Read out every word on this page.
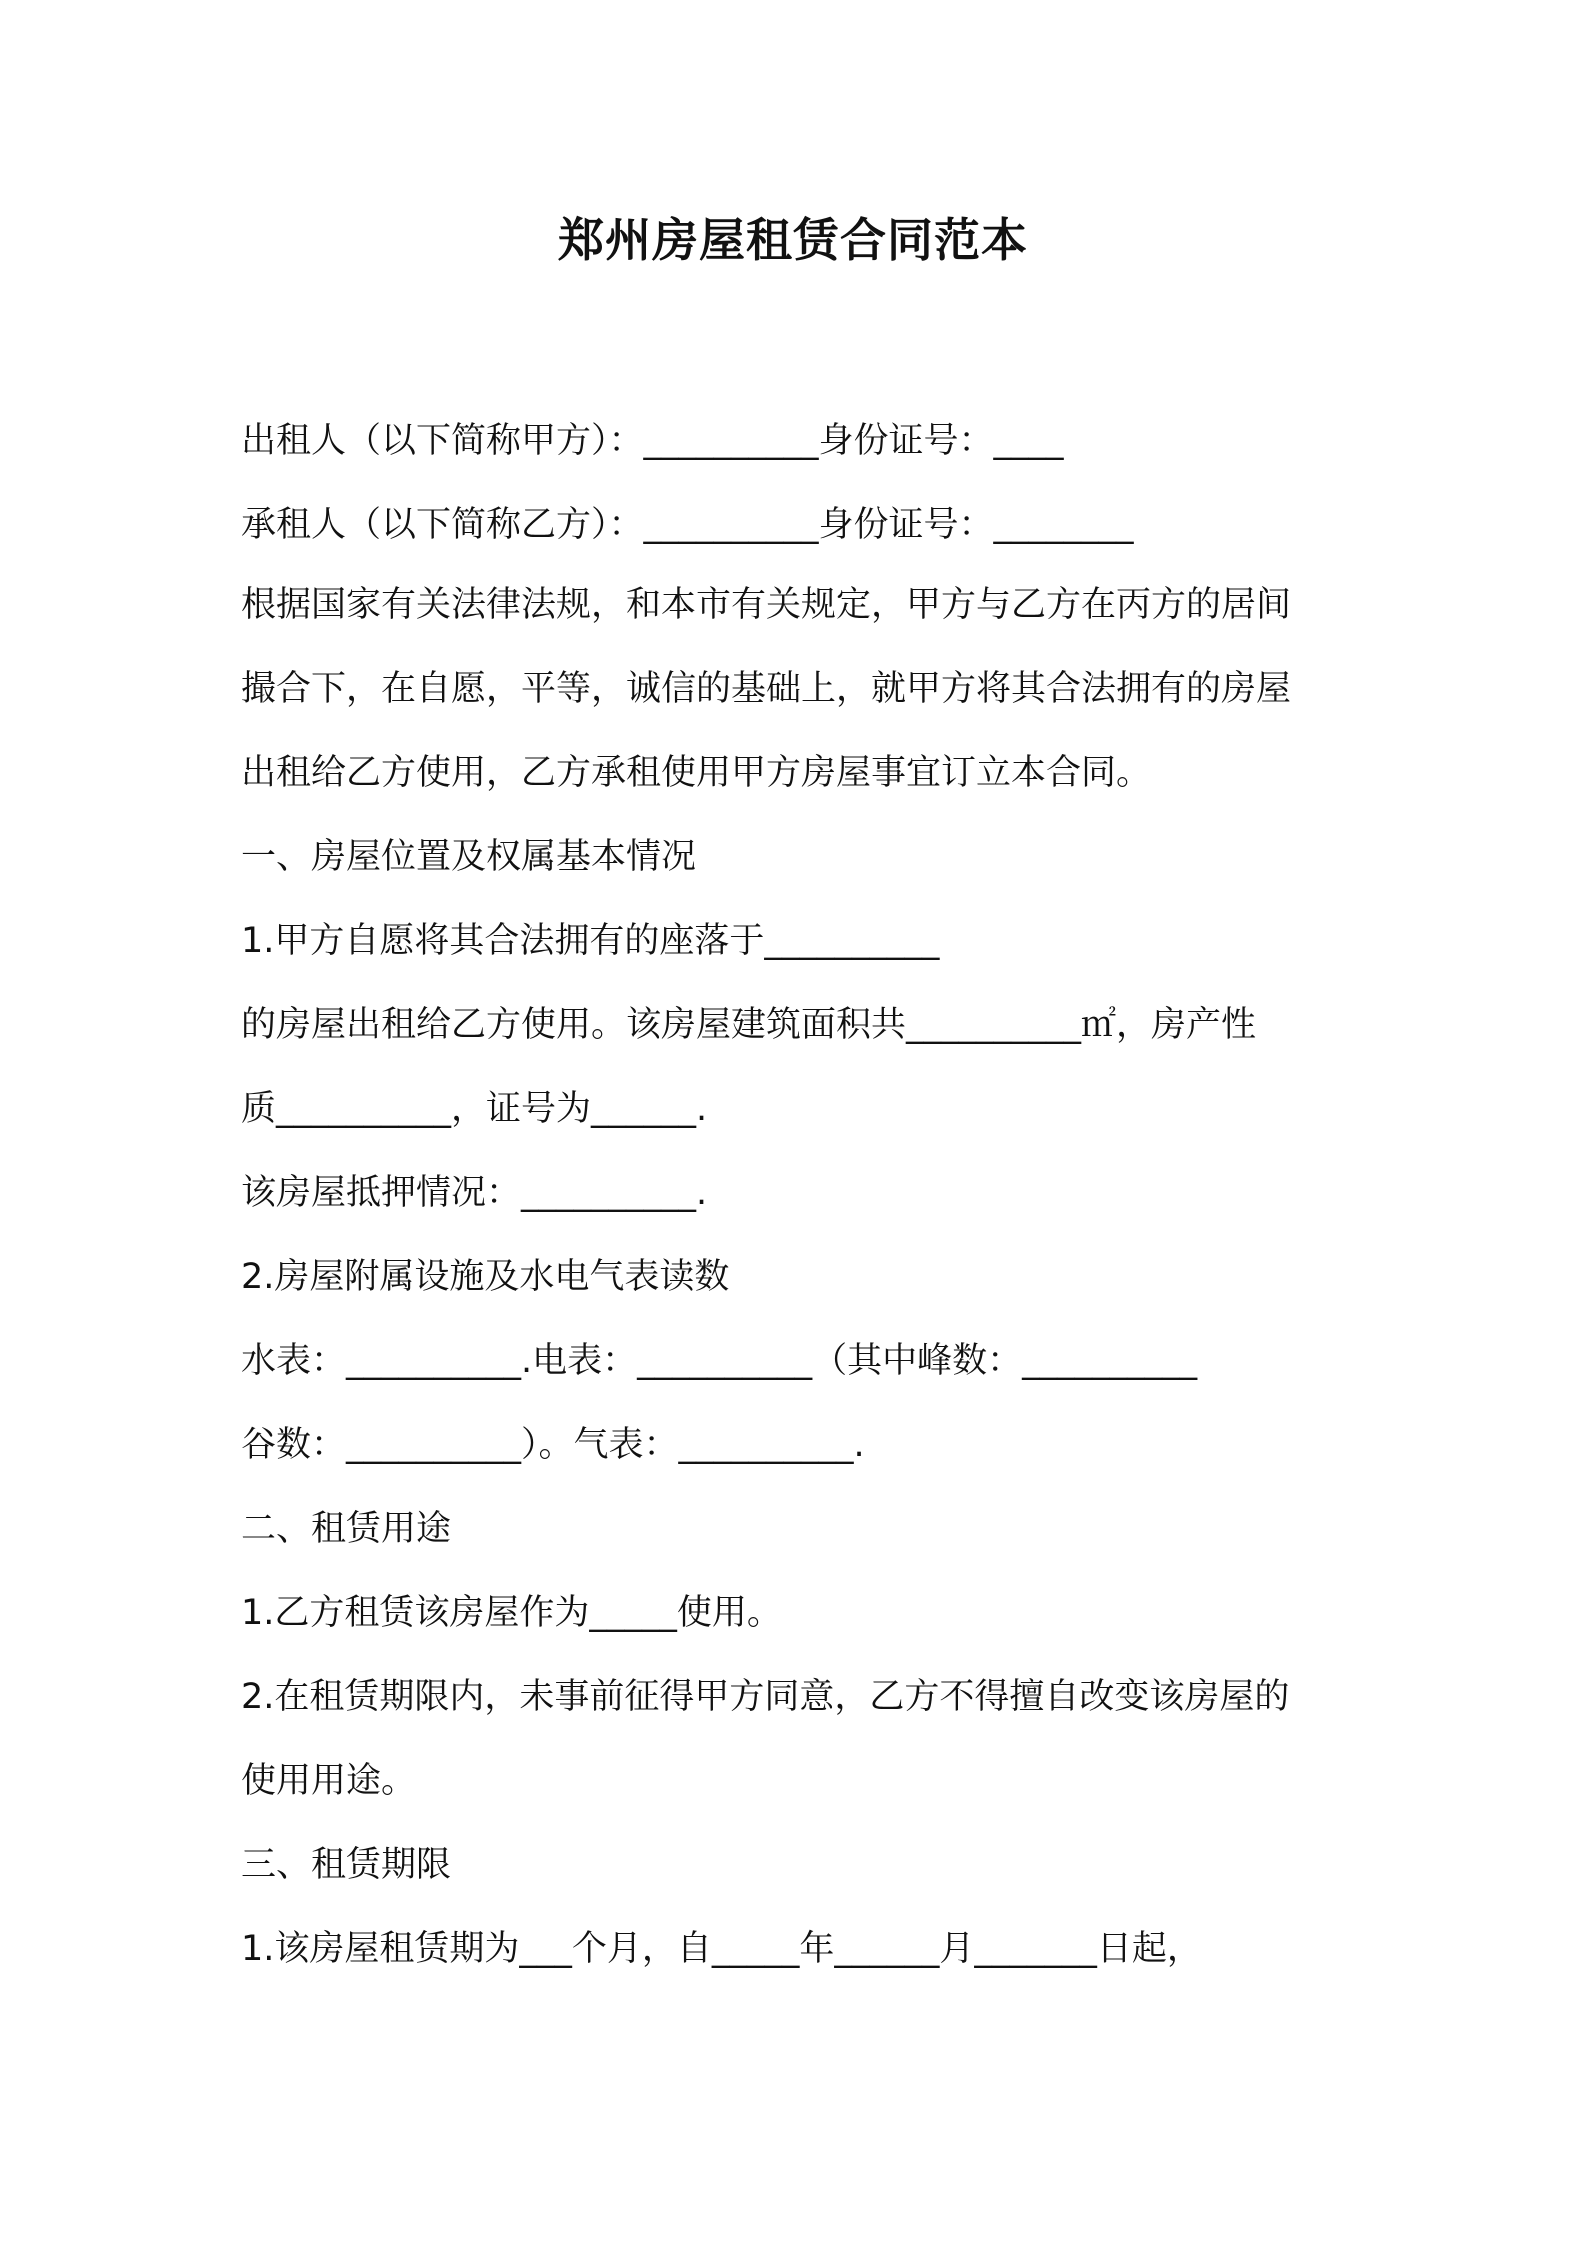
郑州房屋租赁合同范本

出租人（以下简称甲方）：__________身份证号：____

承租人（以下简称乙方）：__________身份证号：________

根据国家有关法律法规，和本市有关规定，甲方与乙方在丙方的居间

撮合下，在自愿，平等，诚信的基础上，就甲方将其合法拥有的房屋

出租给乙方使用，乙方承租使用甲方房屋事宜订立本合同。

一、房屋位置及权属基本情况

1.甲方自愿将其合法拥有的座落于__________

的房屋出租给乙方使用。该房屋建筑面积共__________㎡，房产性

质__________，证号为______.

该房屋抵押情况：__________.

2.房屋附属设施及水电气表读数

水表：__________.电表：__________（其中峰数：__________

谷数：__________）。气表：__________.

二、租赁用途

1.乙方租赁该房屋作为_____使用。

2.在租赁期限内，未事前征得甲方同意，乙方不得擅自改变该房屋的

使用用途。

三、租赁期限

1.该房屋租赁期为___个月，自_____年______月_______日起，
